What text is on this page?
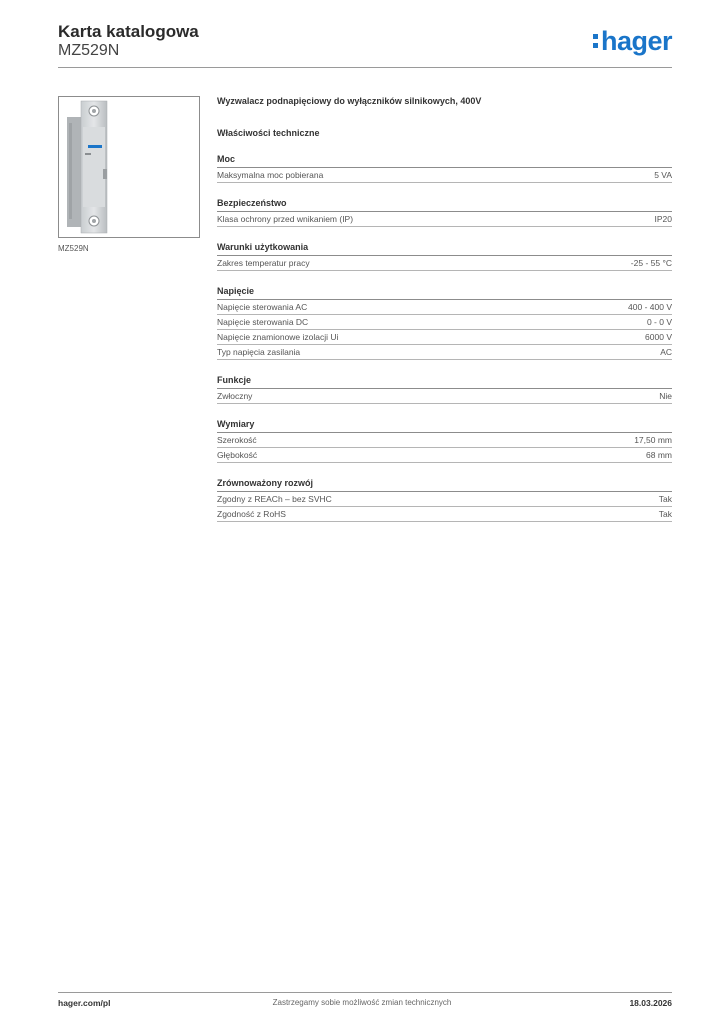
Karta katalogowa
MZ529N	hager
MZ529N
Wyzwalacz podnapięciowy do wyłączników silnikowych, 400V
Właściwości techniczne
Moc
Maksymalna moc pobierana	5 VA
Bezpieczeństwo
Klasa ochrony przed wnikaniem (IP)	IP20
Warunki użytkowania
Zakres temperatur pracy	-25 - 55 °C
Napięcie
Napięcie sterowania AC	400 - 400 V
Napięcie sterowania DC	0 - 0 V
Napięcie znamionowe izolacji Ui	6000 V
Typ napięcia zasilania	AC
Funkcje
Zwłoczny	Nie
Wymiary
Szerokość	17,50 mm
Głębokość	68 mm
Zrównoważony rozwój
Zgodny z REACh – bez SVHC	Tak
Zgodność z RoHS	Tak
hager.com/pl	Zastrzegamy sobie możliwość zmian technicznych	18.03.2026
